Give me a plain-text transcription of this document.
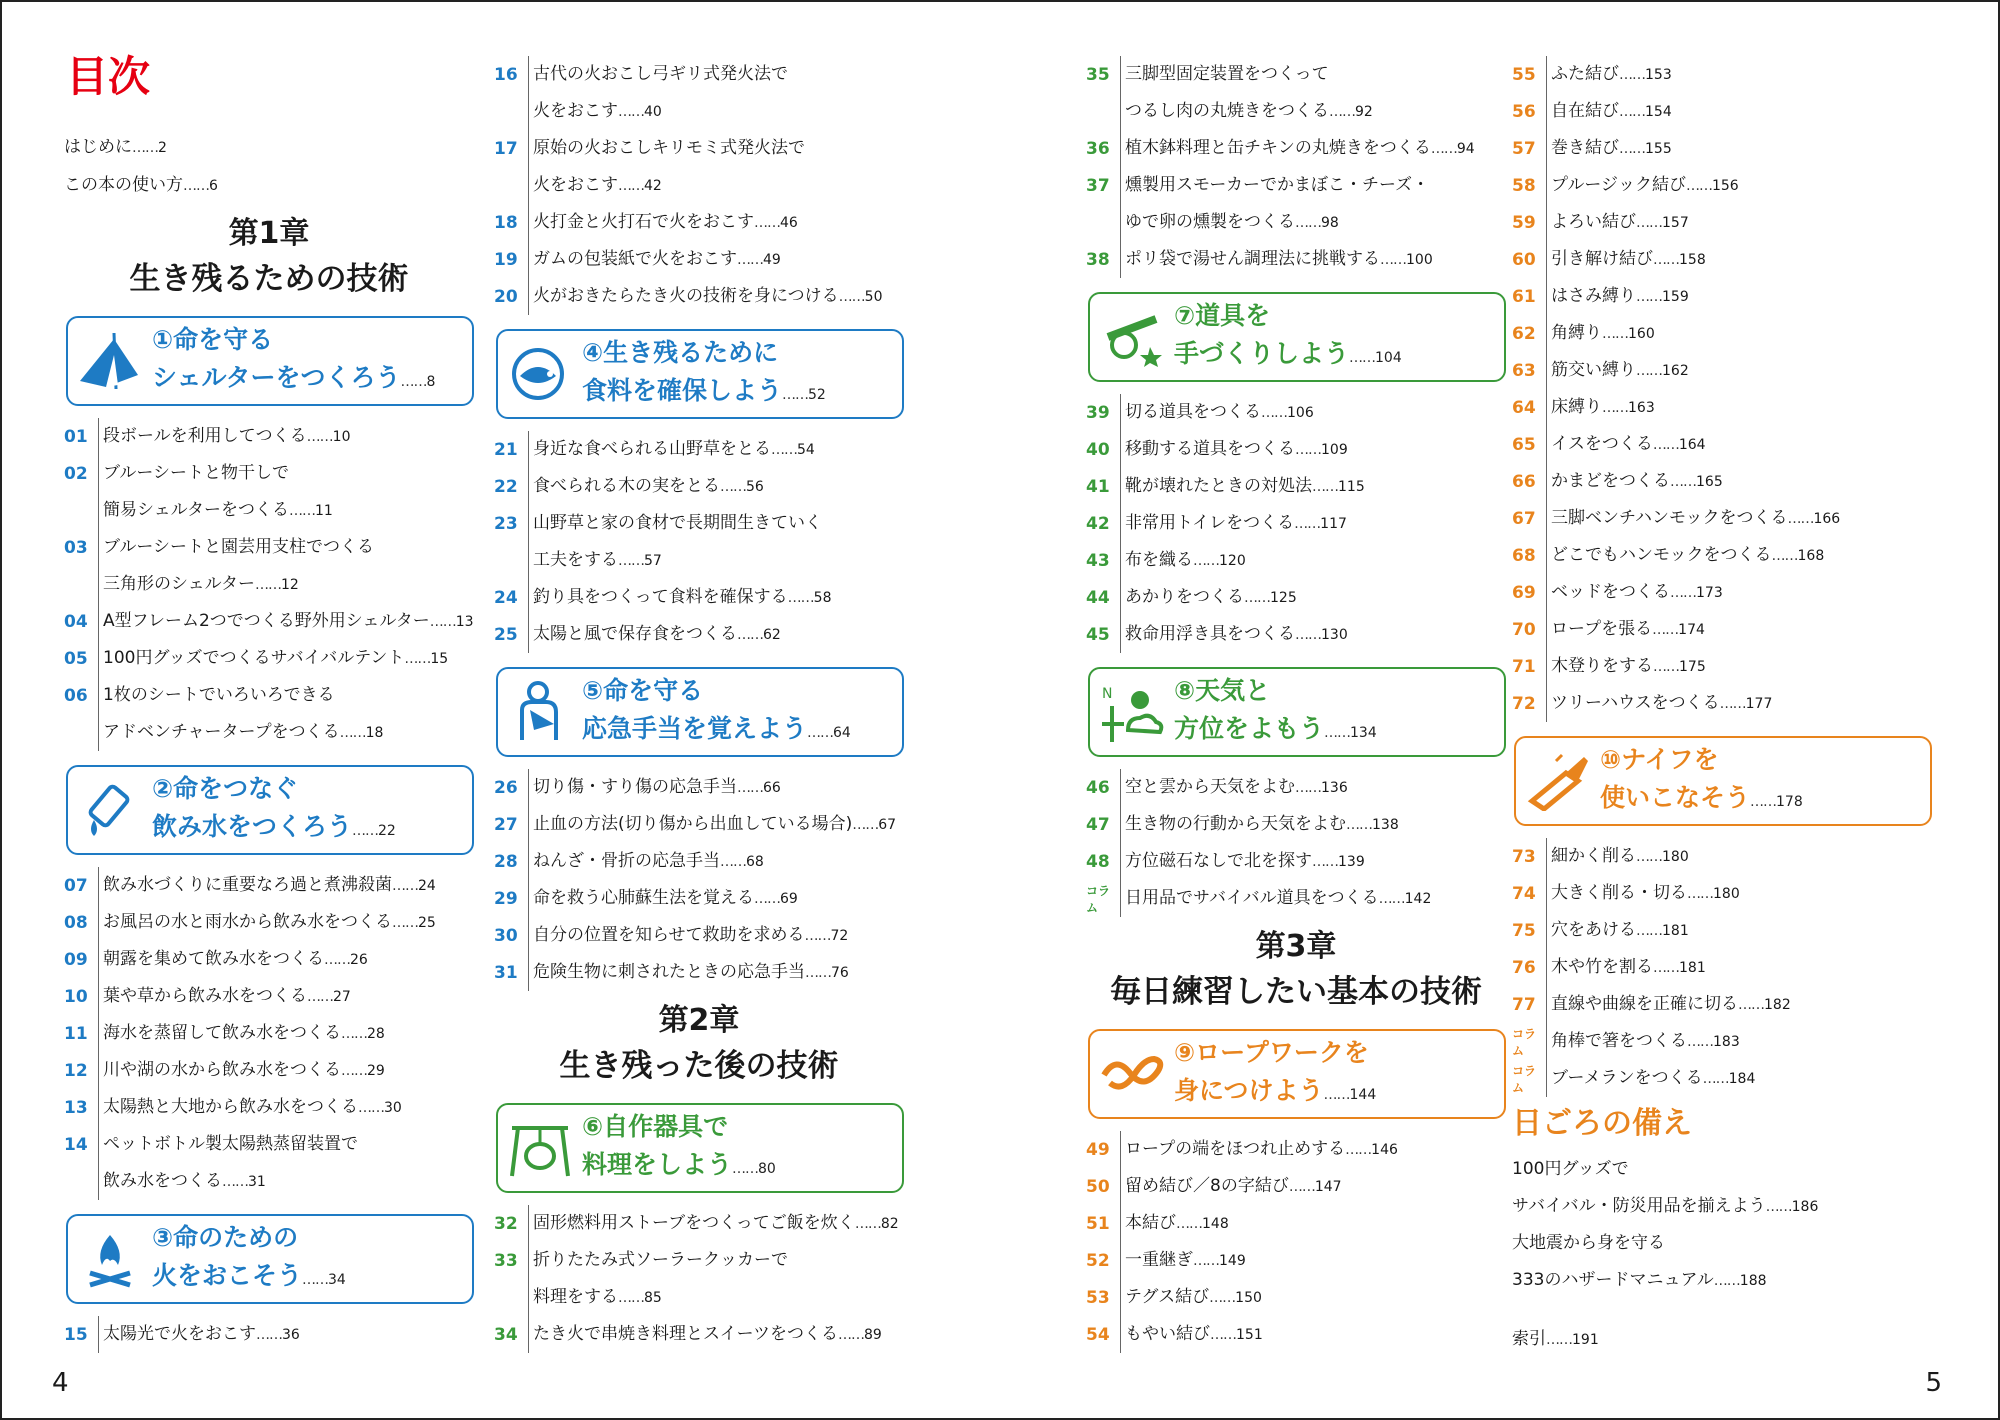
目次
はじめに …… 2
この本の使い方 …… 6
第1章
生き残るための技術
①命を守る
シェルターをつくろう …… 8
01 段ボールを利用してつくる …… 10
02 ブルーシートと物干しで
簡易シェルターをつくる …… 11
03 ブルーシートと園芸用支柱でつくる
三角形のシェルター …… 12
04 A型フレーム2つでつくる野外用シェルター …… 13
05 100円グッズでつくるサバイバルテント …… 15
06 1枚のシートでいろいろできる
アドベンチャータープをつくる …… 18
②命をつなぐ
飲み水をつくろう …… 22
07 飲み水づくりに重要なろ過と煮沸殺菌 …… 24
08 お風呂の水と雨水から飲み水をつくる …… 25
09 朝露を集めて飲み水をつくる …… 26
10 葉や草から飲み水をつくる …… 27
11 海水を蒸留して飲み水をつくる …… 28
12 川や湖の水から飲み水をつくる …… 29
13 太陽熱と大地から飲み水をつくる …… 30
14 ペットボトル製太陽熱蒸留装置で
飲み水をつくる …… 31
③命のための
火をおこそう …… 34
15 太陽光で火をおこす …… 36
16 古代の火おこし弓ギリ式発火法で
火をおこす …… 40
17 原始の火おこしキリモミ式発火法で
火をおこす …… 42
18 火打金と火打石で火をおこす …… 46
19 ガムの包装紙で火をおこす …… 49
20 火がおきたらたき火の技術を身につける …… 50
④生き残るために
食料を確保しよう …… 52
21 身近な食べられる山野草をとる …… 54
22 食べられる木の実をとる …… 56
23 山野草と家の食材で長期間生きていく
工夫をする …… 57
24 釣り具をつくって食料を確保する …… 58
25 太陽と風で保存食をつくる …… 62
⑤命を守る
応急手当を覚えよう …… 64
26 切り傷・すり傷の応急手当 …… 66
27 止血の方法(切り傷から出血している場合) …… 67
28 ねんざ・骨折の応急手当 …… 68
29 命を救う心肺蘇生法を覚える …… 69
30 自分の位置を知らせて救助を求める …… 72
31 危険生物に刺されたときの応急手当 …… 76
第2章
生き残った後の技術
⑥自作器具で
料理をしよう …… 80
32 固形燃料用ストーブをつくってご飯を炊く …… 82
33 折りたたみ式ソーラークッカーで
料理をする …… 85
34 たき火で串焼き料理とスイーツをつくる …… 89
35 三脚型固定装置をつくって
つるし肉の丸焼きをつくる …… 92
36 植木鉢料理と缶チキンの丸焼きをつくる …… 94
37 燻製用スモーカーでかまぼこ・チーズ・
ゆで卵の燻製をつくる …… 98
38 ポリ袋で湯せん調理法に挑戦する …… 100
⑦道具を
手づくりしよう …… 104
39 切る道具をつくる …… 106
40 移動する道具をつくる …… 109
41 靴が壊れたときの対処法 …… 115
42 非常用トイレをつくる …… 117
43 布を織る …… 120
44 あかりをつくる …… 125
45 救命用浮き具をつくる …… 130
N ⑧天気と
方位をよもう …… 134
46 空と雲から天気をよむ …… 136
47 生き物の行動から天気をよむ …… 138
48 方位磁石なしで北を探す …… 139
コラム	日用品でサバイバル道具をつくる …… 142
第3章
毎日練習したい基本の技術
⑨ロープワークを
身につけよう …… 144
49 ロープの端をほつれ止めする …… 146
50 留め結び／8の字結び …… 147
51 本結び …… 148
52 一重継ぎ …… 149
53 テグス結び …… 150
54 もやい結び …… 151
55 ふた結び …… 153
56 自在結び …… 154
57 巻き結び …… 155
58 プルージック結び …… 156
59 よろい結び …… 157
60 引き解け結び …… 158
61 はさみ縛り …… 159
62 角縛り …… 160
63 筋交い縛り …… 162
64 床縛り …… 163
65 イスをつくる …… 164
66 かまどをつくる …… 165
67 三脚ベンチハンモックをつくる …… 166
68 どこでもハンモックをつくる …… 168
69 ベッドをつくる …… 173
70 ロープを張る …… 174
71 木登りをする …… 175
72 ツリーハウスをつくる …… 177
⑩ナイフを
使いこなそう …… 178
73 細かく削る …… 180
74 大きく削る・切る …… 180
75 穴をあける …… 181
76 木や竹を割る …… 181
77 直線や曲線を正確に切る …… 182
コラム	角棒で箸をつくる …… 183
コラム	ブーメランをつくる …… 184
日ごろの備え
100円グッズで
サバイバル・防災用品を揃えよう …… 186
大地震から身を守る
333のハザードマニュアル …… 188
索引 …… 191
4	5
